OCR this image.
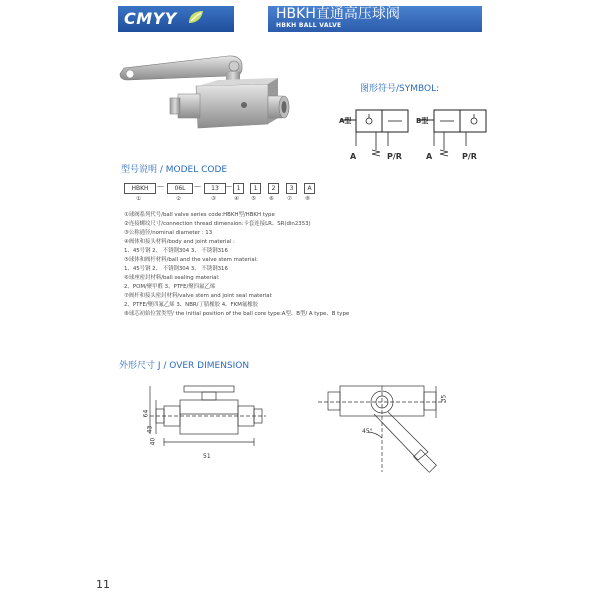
CMYY	HBKH直通高压球阀
HBKH BALL VALVE
图形符号/SYMBOL:
A型
A	P/R
B型
A	P/R
型号说明 / MODEL CODE
HBKH	—	06L	—	13 — 1	1	2	3	A
①	②	③	④ ⑤ ⑥ ⑦ ⑧
①球阀系列代号/ball valve series code:HBKH型/HBKH type
②连接螺纹尺寸/connection thread dimension:卡套连接LR、SR(din2353)
③公称通径/nominal diameter : 13
④阀体和接头材料/body and joint material :
1、45号钢 2、 不锈钢304 3、 不锈钢316
⑤球体和阀杆材料/ball and the valve stem material:
1、45号钢 2、 不锈钢304 3、 不锈钢316
⑥球座密封材料/ball sealing material:
2、POM/聚甲醛 3、PTFE/聚四氟乙烯
⑦阀杆和接头密封材料/valve stem and joint seal materiat
2、PTFE/聚四氟乙烯 3、NBR/丁腈橡胶 4、FKM氟橡胶
⑧球芯初始位置类型/ the initial position of the ball core type:A型、B型/ A type、B type
外形尺寸 J / OVER DIMENSION
64
43
40
51
35
45°
11
